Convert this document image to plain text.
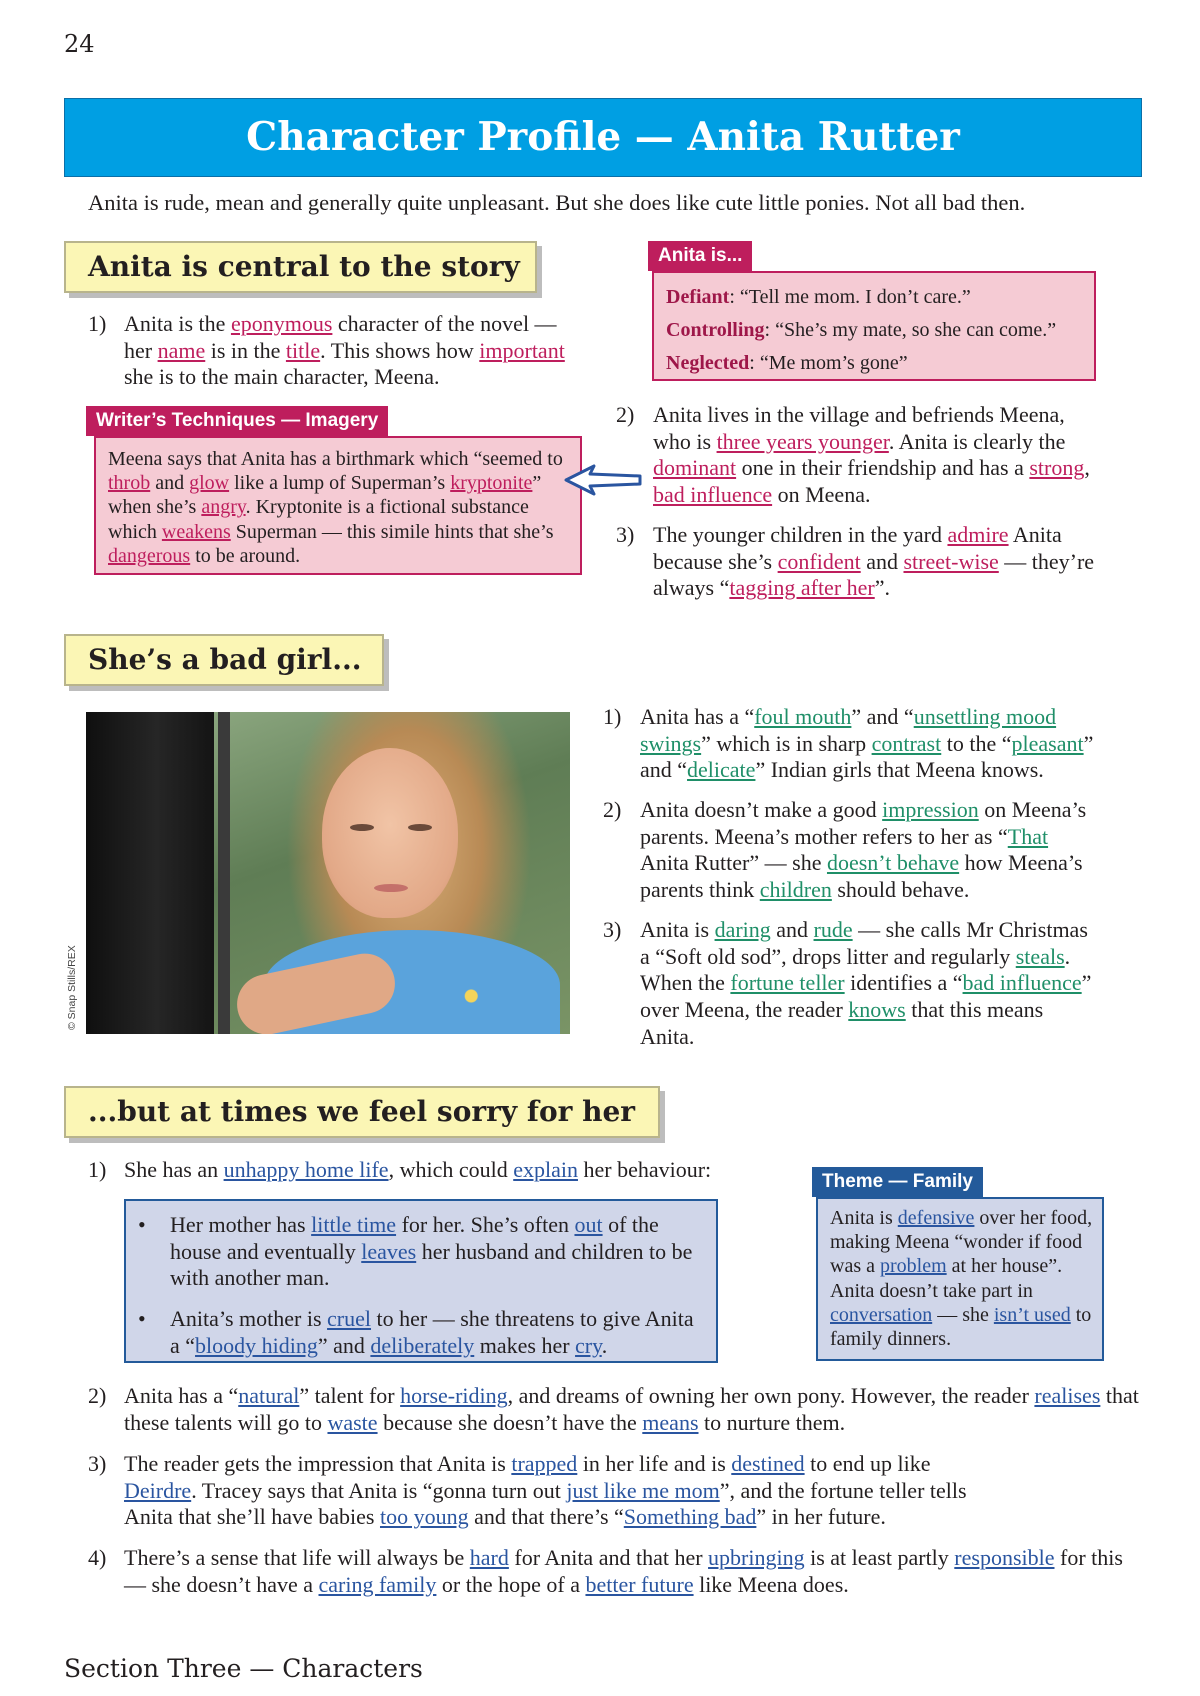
24
Character Profile — Anita Rutter
Anita is rude, mean and generally quite unpleasant. But she does like cute little ponies. Not all bad then.
Anita is central to the story
1) Anita is the eponymous character of the novel — her name is in the title. This shows how important she is to the main character, Meena.
Anita is...
Defiant: “Tell me mom. I don’t care.”
Controlling: “She’s my mate, so she can come.”
Neglected: “Me mom’s gone”
Writer’s Techniques — Imagery
Meena says that Anita has a birthmark which “seemed to throb and glow like a lump of Superman’s kryptonite” when she’s angry. Kryptonite is a fictional substance which weakens Superman — this simile hints that she’s dangerous to be around.
2) Anita lives in the village and befriends Meena, who is three years younger. Anita is clearly the dominant one in their friendship and has a strong, bad influence on Meena.
3) The younger children in the yard admire Anita because she’s confident and street-wise — they’re always “tagging after her”.
She’s a bad girl...
© Snap Stills/REX
1) Anita has a “foul mouth” and “unsettling mood swings” which is in sharp contrast to the “pleasant” and “delicate” Indian girls that Meena knows.
2) Anita doesn’t make a good impression on Meena’s parents. Meena’s mother refers to her as “That Anita Rutter” — she doesn’t behave how Meena’s parents think children should behave.
3) Anita is daring and rude — she calls Mr Christmas a “Soft old sod”, drops litter and regularly steals. When the fortune teller identifies a “bad influence” over Meena, the reader knows that this means Anita.
...but at times we feel sorry for her
1) She has an unhappy home life, which could explain her behaviour:
• Her mother has little time for her. She’s often out of the house and eventually leaves her husband and children to be with another man.
• Anita’s mother is cruel to her — she threatens to give Anita a “bloody hiding” and deliberately makes her cry.
Theme — Family
Anita is defensive over her food, making Meena “wonder if food was a problem at her house”. Anita doesn’t take part in conversation — she isn’t used to family dinners.
2) Anita has a “natural” talent for horse-riding, and dreams of owning her own pony. However, the reader realises that these talents will go to waste because she doesn’t have the means to nurture them.
3) The reader gets the impression that Anita is trapped in her life and is destined to end up like Deirdre. Tracey says that Anita is “gonna turn out just like me mom”, and the fortune teller tells Anita that she’ll have babies too young and that there’s “Something bad” in her future.
4) There’s a sense that life will always be hard for Anita and that her upbringing is at least partly responsible for this — she doesn’t have a caring family or the hope of a better future like Meena does.
Section Three — Characters
